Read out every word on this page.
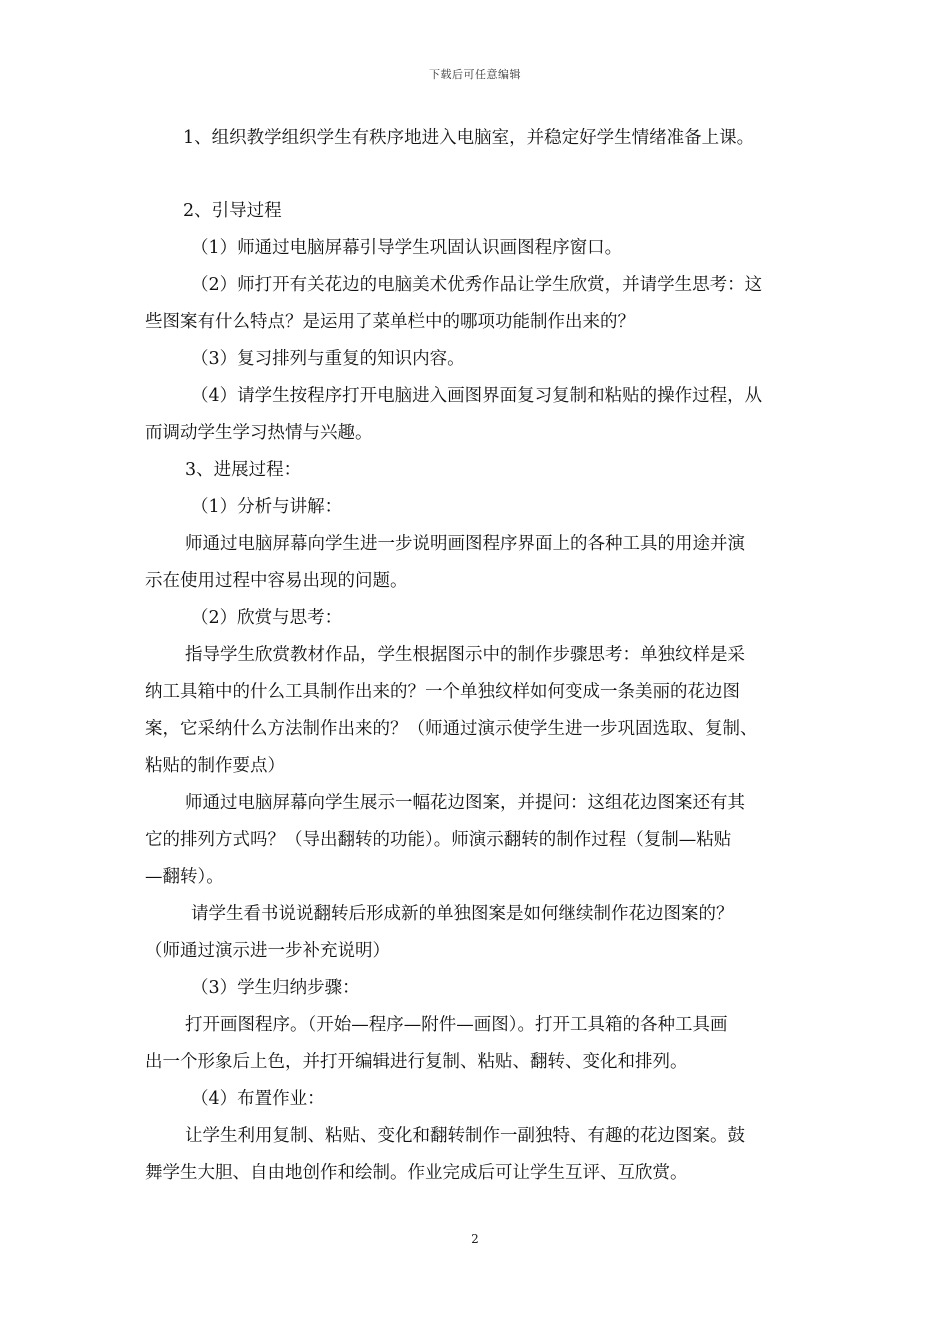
下载后可任意编辑
1、组织教学组织学生有秩序地进入电脑室，并稳定好学生情绪准备上课。
2、引导过程
（1）师通过电脑屏幕引导学生巩固认识画图程序窗口。
（2）师打开有关花边的电脑美术优秀作品让学生欣赏，并请学生思考：这
些图案有什么特点？是运用了菜单栏中的哪项功能制作出来的？
（3）复习排列与重复的知识内容。
（4）请学生按程序打开电脑进入画图界面复习复制和粘贴的操作过程，从
而调动学生学习热情与兴趣。
3、进展过程：
（1）分析与讲解：
师通过电脑屏幕向学生进一步说明画图程序界面上的各种工具的用途并演
示在使用过程中容易出现的问题。
（2）欣赏与思考：
指导学生欣赏教材作品，学生根据图示中的制作步骤思考：单独纹样是采
纳工具箱中的什么工具制作出来的？一个单独纹样如何变成一条美丽的花边图
案，它采纳什么方法制作出来的？（师通过演示使学生进一步巩固选取、复制、
粘贴的制作要点）
师通过电脑屏幕向学生展示一幅花边图案，并提问：这组花边图案还有其
它的排列方式吗？（导出翻转的功能）。师演示翻转的制作过程（复制—粘贴
—翻转）。
请学生看书说说翻转后形成新的单独图案是如何继续制作花边图案的？
（师通过演示进一步补充说明）
（3）学生归纳步骤：
打开画图程序。（开始—程序—附件—画图）。打开工具箱的各种工具画
出一个形象后上色，并打开编辑进行复制、粘贴、翻转、变化和排列。
（4）布置作业：
让学生利用复制、粘贴、变化和翻转制作一副独特、有趣的花边图案。鼓
舞学生大胆、自由地创作和绘制。作业完成后可让学生互评、互欣赏。
2
